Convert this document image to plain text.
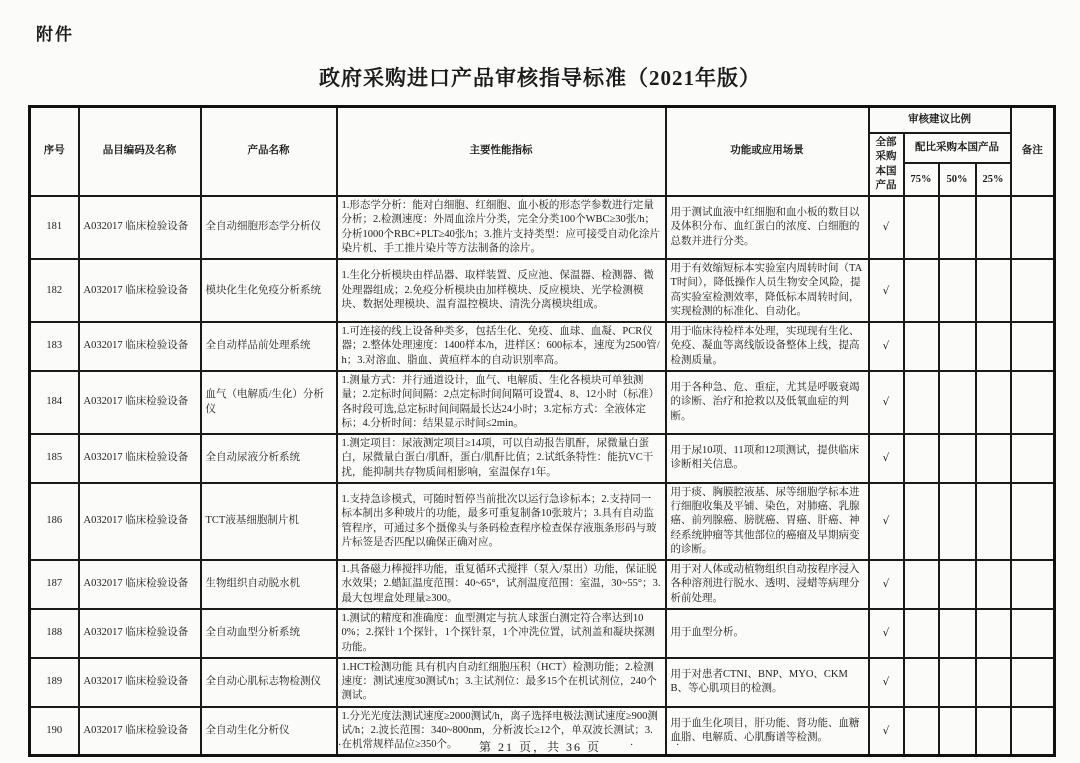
附件
政府采购进口产品审核指导标准（2021年版）
序号	品目编码及名称	产品名称	主要性能指标	功能或应用场景	审核建议比例				备注
					全部采购本国产品	配比采购本国产品			
						75%	50%	25%	
181	A032017 临床检验设备	全自动细胞形态学分析仪	1.形态学分析：能对白细胞、红细胞、血小板的形态学参数进行定量分析；2.检测速度：外周血涂片分类，完全分类100个WBC≥30张/h；分析1000个RBC+PLT≥40张/h；3.推片支持类型：应可接受自动化涂片染片机、手工推片染片等方法制备的涂片。	用于测试血液中红细胞和血小板的数目以及体积分布、血红蛋白的浓度、白细胞的总数并进行分类。	√				
182	A032017 临床检验设备	模块化生化免疫分析系统	1.生化分析模块由样品器、取样装置、反应池、保温器、检测器、微处理器组成；2.免疫分析模块由加样模块、反应模块、光学检测模块、数据处理模块、温育温控模块、清洗分离模块组成。	用于有效缩短标本实验室内周转时间（TAT时间），降低操作人员生物安全风险，提高实验室检测效率，降低标本周转时间，实现检测的标准化、自动化。	√				
183	A032017 临床检验设备	全自动样品前处理系统	1.可连接的线上设备种类多，包括生化、免疫、血球、血凝、PCR仪器；2.整体处理速度：1400样本/h，进样区：600标本，速度为2500管/h；3.对溶血、脂血、黄疸样本的自动识别率高。	用于临床待检样本处理，实现现有生化、免疫、凝血等离线版设备整体上线，提高检测质量。	√				
184	A032017 临床检验设备	血气（电解质/生化）分析仪	1.测量方式：并行通道设计，血气、电解质、生化各模块可单独测量；2.定标时间间隔：2点定标时间间隔可设置4、8、12小时（标准）各时段可选,总定标时间间隔最长达24小时；3.定标方式：全液体定标；4.分析时间：结果显示时间≤2min。	用于各种急、危、重症，尤其是呼吸衰竭的诊断、治疗和抢救以及低氧血症的判断。	√				
185	A032017 临床检验设备	全自动尿液分析系统	1.测定项目：尿液测定项目≥14项，可以自动报告肌酐，尿微量白蛋白，尿微量白蛋白/肌酐，蛋白/肌酐比值；2.试纸条特性：能抗VC干扰，能抑制共存物质间相影响，室温保存1年。	用于尿10项、11项和12项测试，提供临床诊断相关信息。	√				
186	A032017 临床检验设备	TCT液基细胞制片机	1.支持急诊模式，可随时暂停当前批次以运行急诊标本；2.支持同一标本制出多种玻片的功能，最多可重复制备10张玻片；3.具有自动监管程序，可通过多个摄像头与条码检查程序检查保存液瓶条形码与玻片标签是否匹配以确保正确对应。	用于痰、胸膜腔液基、尿等细胞学标本进行细胞收集及平铺、染色，对肺癌、乳腺癌、前列腺癌、膀胱癌、胃癌、肝癌、神经系统肿瘤等其他部位的癌瘤及早期病变的诊断。	√				
187	A032017 临床检验设备	生物组织自动脱水机	1.具备磁力棒搅拌功能，重复循环式搅拌（泵入/泵出）功能，保证脱水效果；2.蜡缸温度范围：40~65°，试剂温度范围：室温，30~55°；3.最大包埋盒处理量≥300。	用于对人体或动植物组织自动按程序浸入各种溶剂进行脱水、透明、浸蜡等病理分析前处理。	√				
188	A032017 临床检验设备	全自动血型分析系统	1.测试的精度和准确度：血型测定与抗人球蛋白测定符合率达到100%；2.探针 1个探针，1个探针泵，1个冲洗位置，试剂盖和凝块探测功能。	用于血型分析。	√				
189	A032017 临床检验设备	全自动心肌标志物检测仪	1.HCT检测功能 具有机内自动红细胞压积（HCT）检测功能；2.检测速度：测试速度30测试/h；3.主试剂位：最多15个在机试剂位，240个测试。	用于对患者CTNI、BNP、MYO、CKMB、等心肌项目的检测。	√				
190	A032017 临床检验设备	全自动生化分析仪	1.分光光度法测试速度≥2000测试/h，离子选择电极法测试速度≥900测试/h；2.波长范围：340~800nm，分析波长≥12个，单双波长测试；3.在机常规样品位≥350个。	用于血生化项目，肝功能、肾功能、血糖血脂、电解质、心肌酶谱等检测。	√				
·	第 21 页，共 36 页	·	·
